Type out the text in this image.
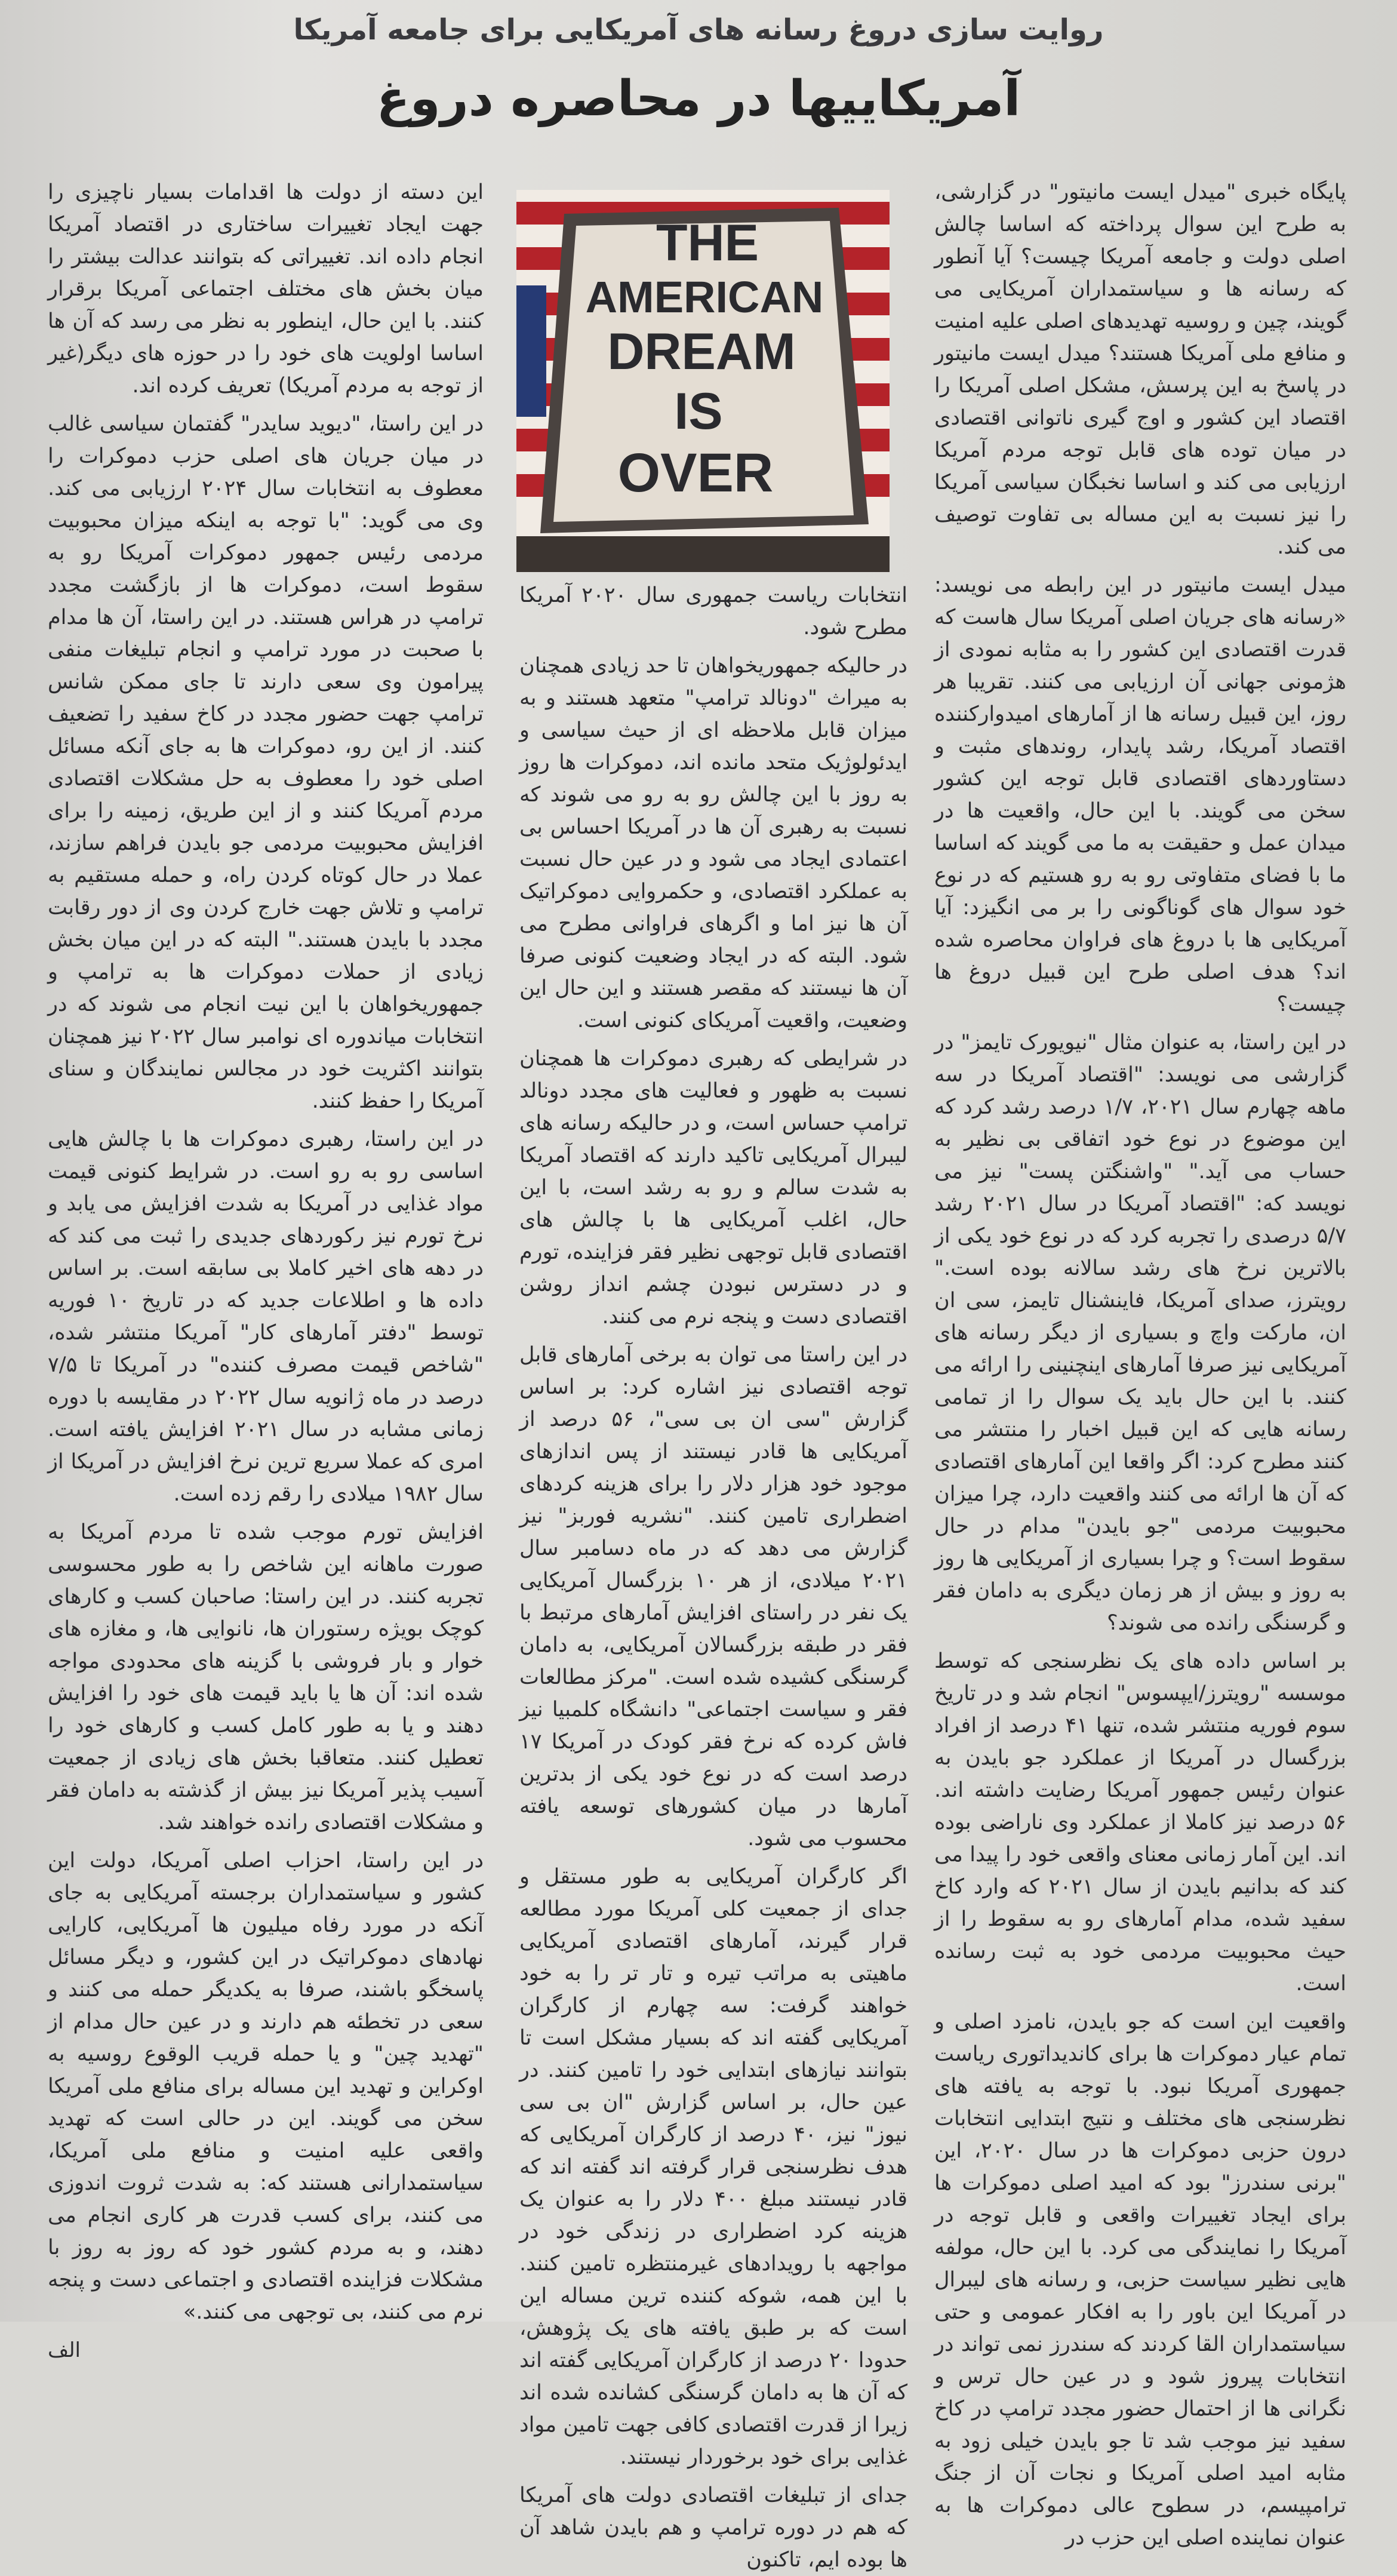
روایت سازی دروغ رسانه های آمریکایی برای جامعه آمریکا
آمریکاییها در محاصره دروغ
THE
AMERICAN
DREAM
IS
OVER

پایگاه خبری "میدل ایست مانیتور" در گزارشی، به طرح این سوال پرداخته که اساسا چالش اصلی دولت و جامعه آمریکا چیست؟ آیا آنطور که رسانه ها و سیاستمداران آمریکایی می گویند، چین و روسیه تهدیدهای اصلی علیه امنیت و منافع ملی آمریکا هستند؟ میدل ایست مانیتور در پاسخ به این پرسش، مشکل اصلی آمریکا را اقتصاد این کشور و اوج گیری ناتوانی اقتصادی در میان توده های قابل توجه مردم آمریکا ارزیابی می کند و اساسا نخبگان سیاسی آمریکا را نیز نسبت به این مساله بی تفاوت توصیف می کند.

میدل ایست مانیتور در این رابطه می نویسد: «رسانه های جریان اصلی آمریکا سال هاست که قدرت اقتصادی این کشور را به مثابه نمودی از هژمونی جهانی آن ارزیابی می کنند. تقریبا هر روز، این قبیل رسانه ها از آمارهای امیدوارکننده اقتصاد آمریکا، رشد پایدار، روندهای مثبت و دستاوردهای اقتصادی قابل توجه این کشور سخن می گویند. با این حال، واقعیت ها در میدان عمل و حقیقت به ما می گویند که اساسا ما با فضای متفاوتی رو به رو هستیم که در نوع خود سوال های گوناگونی را بر می انگیزد: آیا آمریکایی ها با دروغ های فراوان محاصره شده اند؟ هدف اصلی طرح این قبیل دروغ ها چیست؟

در این راستا، به عنوان مثال "نیویورک تایمز" در گزارشی می نویسد: "اقتصاد آمریکا در سه ماهه چهارم سال ۲۰۲۱، ۱/۷ درصد رشد کرد که این موضوع در نوع خود اتفاقی بی نظیر به حساب می آید." "واشنگتن پست" نیز می نویسد که: "اقتصاد آمریکا در سال ۲۰۲۱ رشد ۵/۷ درصدی را تجربه کرد که در نوع خود یکی از بالاترین نرخ های رشد سالانه بوده است." رویترز، صدای آمریکا، فاینشنال تایمز، سی ان ان، مارکت واچ و بسیاری از دیگر رسانه های آمریکایی نیز صرفا آمارهای اینچنینی را ارائه می کنند. با این حال باید یک سوال را از تمامی رسانه هایی که این قبیل اخبار را منتشر می کنند مطرح کرد: اگر واقعا این آمارهای اقتصادی که آن ها ارائه می کنند واقعیت دارد، چرا میزان محبوبیت مردمی "جو بایدن" مدام در حال سقوط است؟ و چرا بسیاری از آمریکایی ها روز به روز و بیش از هر زمان دیگری به دامان فقر و گرسنگی رانده می شوند؟

بر اساس داده های یک نظرسنجی که توسط موسسه "رویترز/ایپسوس" انجام شد و در تاریخ سوم فوریه منتشر شده، تنها ۴۱ درصد از افراد بزرگسال در آمریکا از عملکرد جو بایدن به عنوان رئیس جمهور آمریکا رضایت داشته اند. ۵۶ درصد نیز کاملا از عملکرد وی ناراضی بوده اند. این آمار زمانی معنای واقعی خود را پیدا می کند که بدانیم بایدن از سال ۲۰۲۱ که وارد کاخ سفید شده، مدام آمارهای رو به سقوط را از حیث محبوبیت مردمی خود به ثبت رسانده است.

واقعیت این است که جو بایدن، نامزد اصلی و تمام عیار دموکرات ها برای کاندیداتوری ریاست جمهوری آمریکا نبود. با توجه به یافته های نظرسنجی های مختلف و نتیج ابتدایی انتخابات درون حزبی دموکرات ها در سال ۲۰۲۰، این "برنی سندرز" بود که امید اصلی دموکرات ها برای ایجاد تغییرات واقعی و قابل توجه در آمریکا را نمایندگی می کرد. با این حال، مولفه هایی نظیر سیاست حزبی، و رسانه های لیبرال در آمریکا این باور را به افکار عمومی و حتی سیاستمداران القا کردند که سندرز نمی تواند در انتخابات پیروز شود و در عین حال ترس و نگرانی ها از احتمال حضور مجدد ترامپ در کاخ سفید نیز موجب شد تا جو بایدن خیلی زود به مثابه امید اصلی آمریکا و نجات آن از جنگ ترامپیسم، در سطوح عالی دموکرات ها به عنوان نماینده اصلی این حزب در

انتخابات ریاست جمهوری سال ۲۰۲۰ آمریکا مطرح شود.

در حالیکه جمهوریخواهان تا حد زیادی همچنان به میراث "دونالد ترامپ" متعهد هستند و به میزان قابل ملاحظه ای از حیث سیاسی و ایدئولوژیک متحد مانده اند، دموکرات ها روز به روز با این چالش رو به رو می شوند که نسبت به رهبری آن ها در آمریکا احساس بی اعتمادی ایجاد می شود و در عین حال نسبت به عملکرد اقتصادی، و حکمروایی دموکراتیک آن ها نیز اما و اگرهای فراوانی مطرح می شود. البته که در ایجاد وضعیت کنونی صرفا آن ها نیستند که مقصر هستند و این حال این وضعیت، واقعیت آمریکای کنونی است.

در شرایطی که رهبری دموکرات ها همچنان نسبت به ظهور و فعالیت های مجدد دونالد ترامپ حساس است، و در حالیکه رسانه های لیبرال آمریکایی تاکید دارند که اقتصاد آمریکا به شدت سالم و رو به رشد است، با این حال، اغلب آمریکایی ها با چالش های اقتصادی قابل توجهی نظیر فقر فزاینده، تورم و در دسترس نبودن چشم انداز روشن اقتصادی دست و پنجه نرم می کنند.

در این راستا می توان به برخی آمارهای قابل توجه اقتصادی نیز اشاره کرد: بر اساس گزارش "سی ان بی سی"، ۵۶ درصد از آمریکایی ها قادر نیستند از پس اندازهای موجود خود هزار دلار را برای هزینه کردهای اضطراری تامین کنند. "نشریه فوربز" نیز گزارش می دهد که در ماه دسامبر سال ۲۰۲۱ میلادی، از هر ۱۰ بزرگسال آمریکایی یک نفر در راستای افزایش آمارهای مرتبط با فقر در طبقه بزرگسالان آمریکایی، به دامان گرسنگی کشیده شده است. "مرکز مطالعات فقر و سیاست اجتماعی" دانشگاه کلمبیا نیز فاش کرده که نرخ فقر کودک در آمریکا ۱۷ درصد است که در نوع خود یکی از بدترین آمارها در میان کشورهای توسعه یافته محسوب می شود.

اگر کارگران آمریکایی به طور مستقل و جدای از جمعیت کلی آمریکا مورد مطالعه قرار گیرند، آمارهای اقتصادی آمریکایی ماهیتی به مراتب تیره و تار تر را به خود خواهند گرفت: سه چهارم از کارگران آمریکایی گفته اند که بسیار مشکل است تا بتوانند نیازهای ابتدایی خود را تامین کنند. در عین حال، بر اساس گزارش "ان بی سی نیوز" نیز، ۴۰ درصد از کارگران آمریکایی که هدف نظرسنجی قرار گرفته اند گفته اند که قادر نیستند مبلغ ۴۰۰ دلار را به عنوان یک هزینه کرد اضطراری در زندگی خود در مواجهه با رویدادهای غیرمنتظره تامین کنند. با این همه، شوکه کننده ترین مساله این است که بر طبق یافته های یک پژوهش، حدودا ۲۰ درصد از کارگران آمریکایی گفته اند که آن ها به دامان گرسنگی کشانده شده اند زیرا از قدرت اقتصادی کافی جهت تامین مواد غذایی برای خود برخوردار نیستند.

جدای از تبلیغات اقتصادی دولت های آمریکا که هم در دوره ترامپ و هم بایدن شاهد آن ها بوده ایم، تاکنون

این دسته از دولت ها اقدامات بسیار ناچیزی را جهت ایجاد تغییرات ساختاری در اقتصاد آمریکا انجام داده اند. تغییراتی که بتوانند عدالت بیشتر را میان بخش های مختلف اجتماعی آمریکا برقرار کنند. با این حال، اینطور به نظر می رسد که آن ها اساسا اولویت های خود را در حوزه های دیگر(غیر از توجه به مردم آمریکا) تعریف کرده اند.

در این راستا، "دیوید سایدر" گفتمان سیاسی غالب در میان جریان های اصلی حزب دموکرات را معطوف به انتخابات سال ۲۰۲۴ ارزیابی می کند. وی می گوید: "با توجه به اینکه میزان محبوبیت مردمی رئیس جمهور دموکرات آمریکا رو به سقوط است، دموکرات ها از بازگشت مجدد ترامپ در هراس هستند. در این راستا، آن ها مدام با صحبت در مورد ترامپ و انجام تبلیغات منفی پیرامون وی سعی دارند تا جای ممکن شانس ترامپ جهت حضور مجدد در کاخ سفید را تضعیف کنند. از این رو، دموکرات ها به جای آنکه مسائل اصلی خود را معطوف به حل مشکلات اقتصادی مردم آمریکا کنند و از این طریق، زمینه را برای افزایش محبوبیت مردمی جو بایدن فراهم سازند، عملا در حال کوتاه کردن راه، و حمله مستقیم به ترامپ و تلاش جهت خارج کردن وی از دور رقابت مجدد با بایدن هستند." البته که در این میان بخش زیادی از حملات دموکرات ها به ترامپ و جمهوریخواهان با این نیت انجام می شوند که در انتخابات میاندوره ای نوامبر سال ۲۰۲۲ نیز همچنان بتوانند اکثریت خود در مجالس نمایندگان و سنای آمریکا را حفظ کنند.

در این راستا، رهبری دموکرات ها با چالش هایی اساسی رو به رو است. در شرایط کنونی قیمت مواد غذایی در آمریکا به شدت افزایش می یابد و نرخ تورم نیز رکوردهای جدیدی را ثبت می کند که در دهه های اخیر کاملا بی سابقه است. بر اساس داده ها و اطلاعات جدید که در تاریخ ۱۰ فوریه توسط "دفتر آمارهای کار" آمریکا منتشر شده، "شاخص قیمت مصرف کننده" در آمریکا تا ۷/۵ درصد در ماه ژانویه سال ۲۰۲۲ در مقایسه با دوره زمانی مشابه در سال ۲۰۲۱ افزایش یافته است. امری که عملا سریع ترین نرخ افزایش در آمریکا از سال ۱۹۸۲ میلادی را رقم زده است.

افزایش تورم موجب شده تا مردم آمریکا به صورت ماهانه این شاخص را به طور محسوسی تجربه کنند. در این راستا: صاحبان کسب و کارهای کوچک بویژه رستوران ها، نانوایی ها، و مغازه های خوار و بار فروشی با گزینه های محدودی مواجه شده اند: آن ها یا باید قیمت های خود را افزایش دهند و یا به طور کامل کسب و کارهای خود را تعطیل کنند. متعاقبا بخش های زیادی از جمعیت آسیب پذیر آمریکا نیز بیش از گذشته به دامان فقر و مشکلات اقتصادی رانده خواهند شد.

در این راستا، احزاب اصلی آمریکا، دولت این کشور و سیاستمداران برجسته آمریکایی به جای آنکه در مورد رفاه میلیون ها آمریکایی، کارایی نهادهای دموکراتیک در این کشور، و دیگر مسائل پاسخگو باشند، صرفا به یکدیگر حمله می کنند و سعی در تخطئه هم دارند و در عین حال مدام از "تهدید چین" و یا حمله قریب الوقوع روسیه به اوکراین و تهدید این مساله برای منافع ملی آمریکا سخن می گویند. این در حالی است که تهدید واقعی علیه امنیت و منافع ملی آمریکا، سیاستمدارانی هستند که: به شدت ثروت اندوزی می کنند، برای کسب قدرت هر کاری انجام می دهند، و به مردم کشور خود که روز به روز با مشکلات فزاینده اقتصادی و اجتماعی دست و پنجه نرم می کنند، بی توجهی می کنند.»

الف
